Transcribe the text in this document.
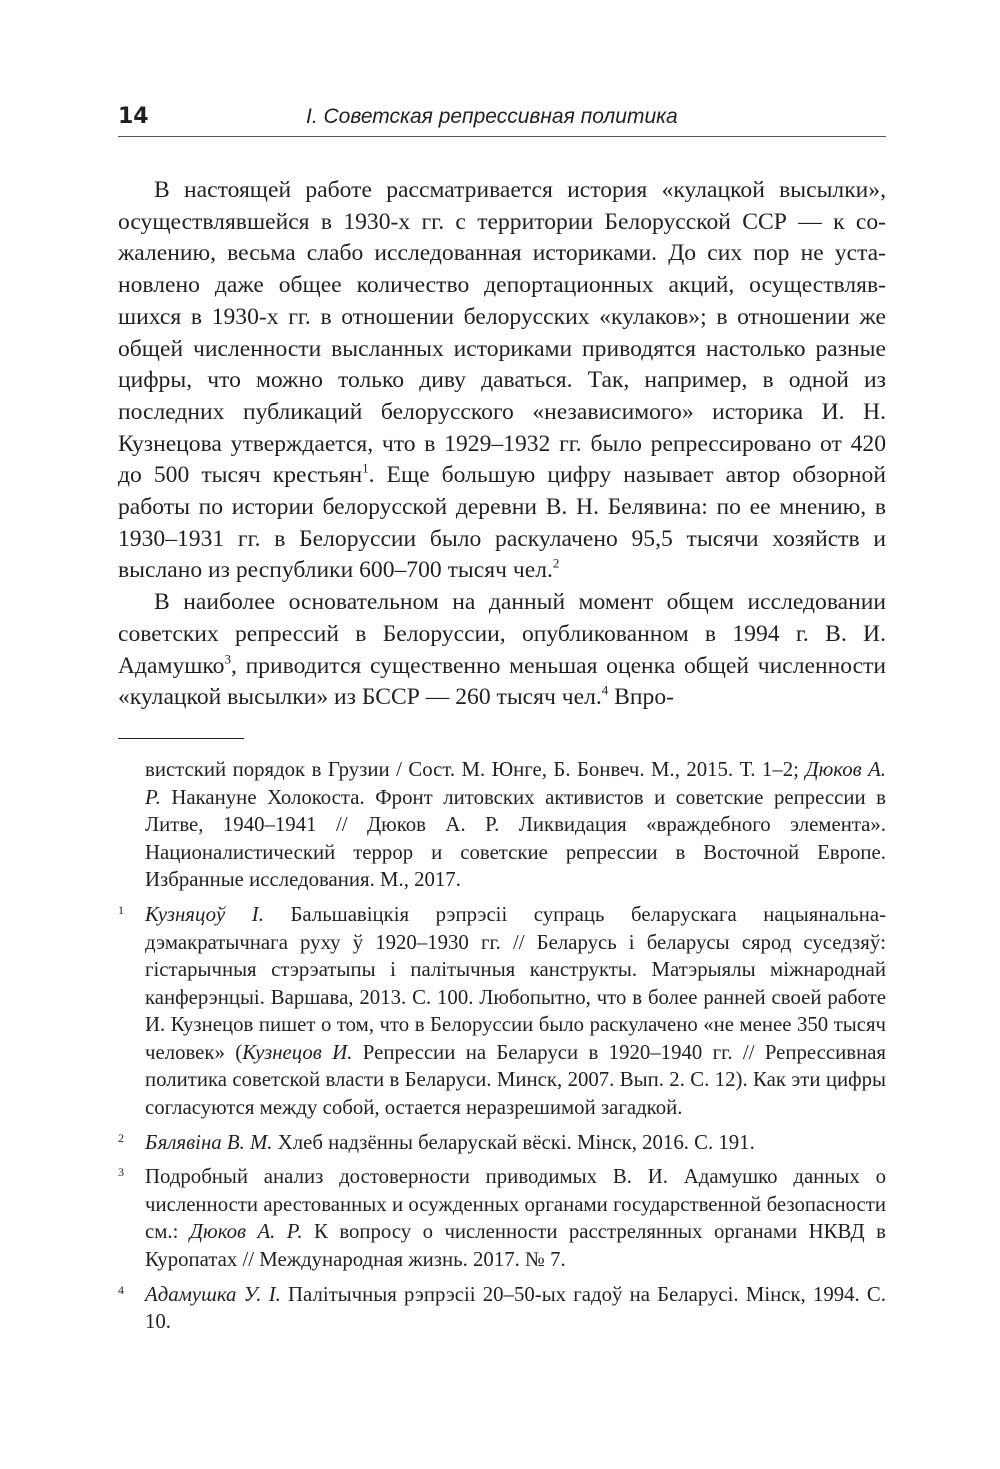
14	I. Советская репрессивная политика

В настоящей работе рассматривается история «кулацкой высылки», осуществлявшейся в 1930-х гг. с территории Белорусской ССР — к сожалению, весьма слабо исследованная историками. До сих пор не установлено даже общее количество депортационных акций, осуществлявшихся в 1930-х гг. в отношении белорусских «кулаков»; в отношении же общей численности высланных историками приводятся настолько разные цифры, что можно только диву даваться. Так, например, в одной из последних публикаций белорусского «независимого» историка И. Н. Кузнецова утверждается, что в 1929–1932 гг. было репрессировано от 420 до 500 тысяч крестьян$^1$. Еще большую цифру называет автор обзорной работы по истории белорусской деревни В. Н. Белявина: по ее мнению, в 1930–1931 гг. в Белоруссии было раскулачено 95,5 тысячи хозяйств и выслано из республики 600–700 тысяч чел.$^2$

В наиболее основательном на данный момент общем исследовании советских репрессий в Белоруссии, опубликованном в 1994 г. В. И. Адамушко$^3$, приводится существенно меньшая оценка общей численности «кулацкой высылки» из БССР — 260 тысяч чел.$^4$ Впро-

вистский порядок в Грузии / Сост. М. Юнге, Б. Бонвеч. М., 2015. Т. 1–2; Дюков А. Р. Накануне Холокоста. Фронт литовских активистов и советские репрессии в Литве, 1940–1941 // Дюков А. Р. Ликвидация «враждебного элемента». Националистический террор и советские репрессии в Восточной Европе. Избранные исследования. М., 2017.
1 Кузняцоў І. Бальшавіцкія рэпрэсіі супраць беларускага нацыянальна-дэмакратычнага руху ў 1920–1930 гг. // Беларусь і беларусы сярод суседзяў: гістарычныя стэрэатыпы і палітычныя канструкты. Матэрыялы міжнароднай канферэнцыі. Варшава, 2013. С. 100. Любопытно, что в более ранней своей работе И. Кузнецов пишет о том, что в Белоруссии было раскулачено «не менее 350 тысяч человек» (Кузнецов И. Репрессии на Беларуси в 1920–1940 гг. // Репрессивная политика советской власти в Беларуси. Минск, 2007. Вып. 2. С. 12). Как эти цифры согласуются между собой, остается неразрешимой загадкой.
2 Бялявіна В. М. Хлеб надзённы беларускай вёскі. Мінск, 2016. С. 191.
3 Подробный анализ достоверности приводимых В. И. Адамушко данных о численности арестованных и осужденных органами государственной безопасности см.: Дюков А. Р. К вопросу о численности расстрелянных органами НКВД в Куропатах // Международная жизнь. 2017. № 7.
4 Адамушка У. І. Палітычныя рэпрэсіі 20–50-ых гадоў на Беларусі. Мінск, 1994. С. 10.
